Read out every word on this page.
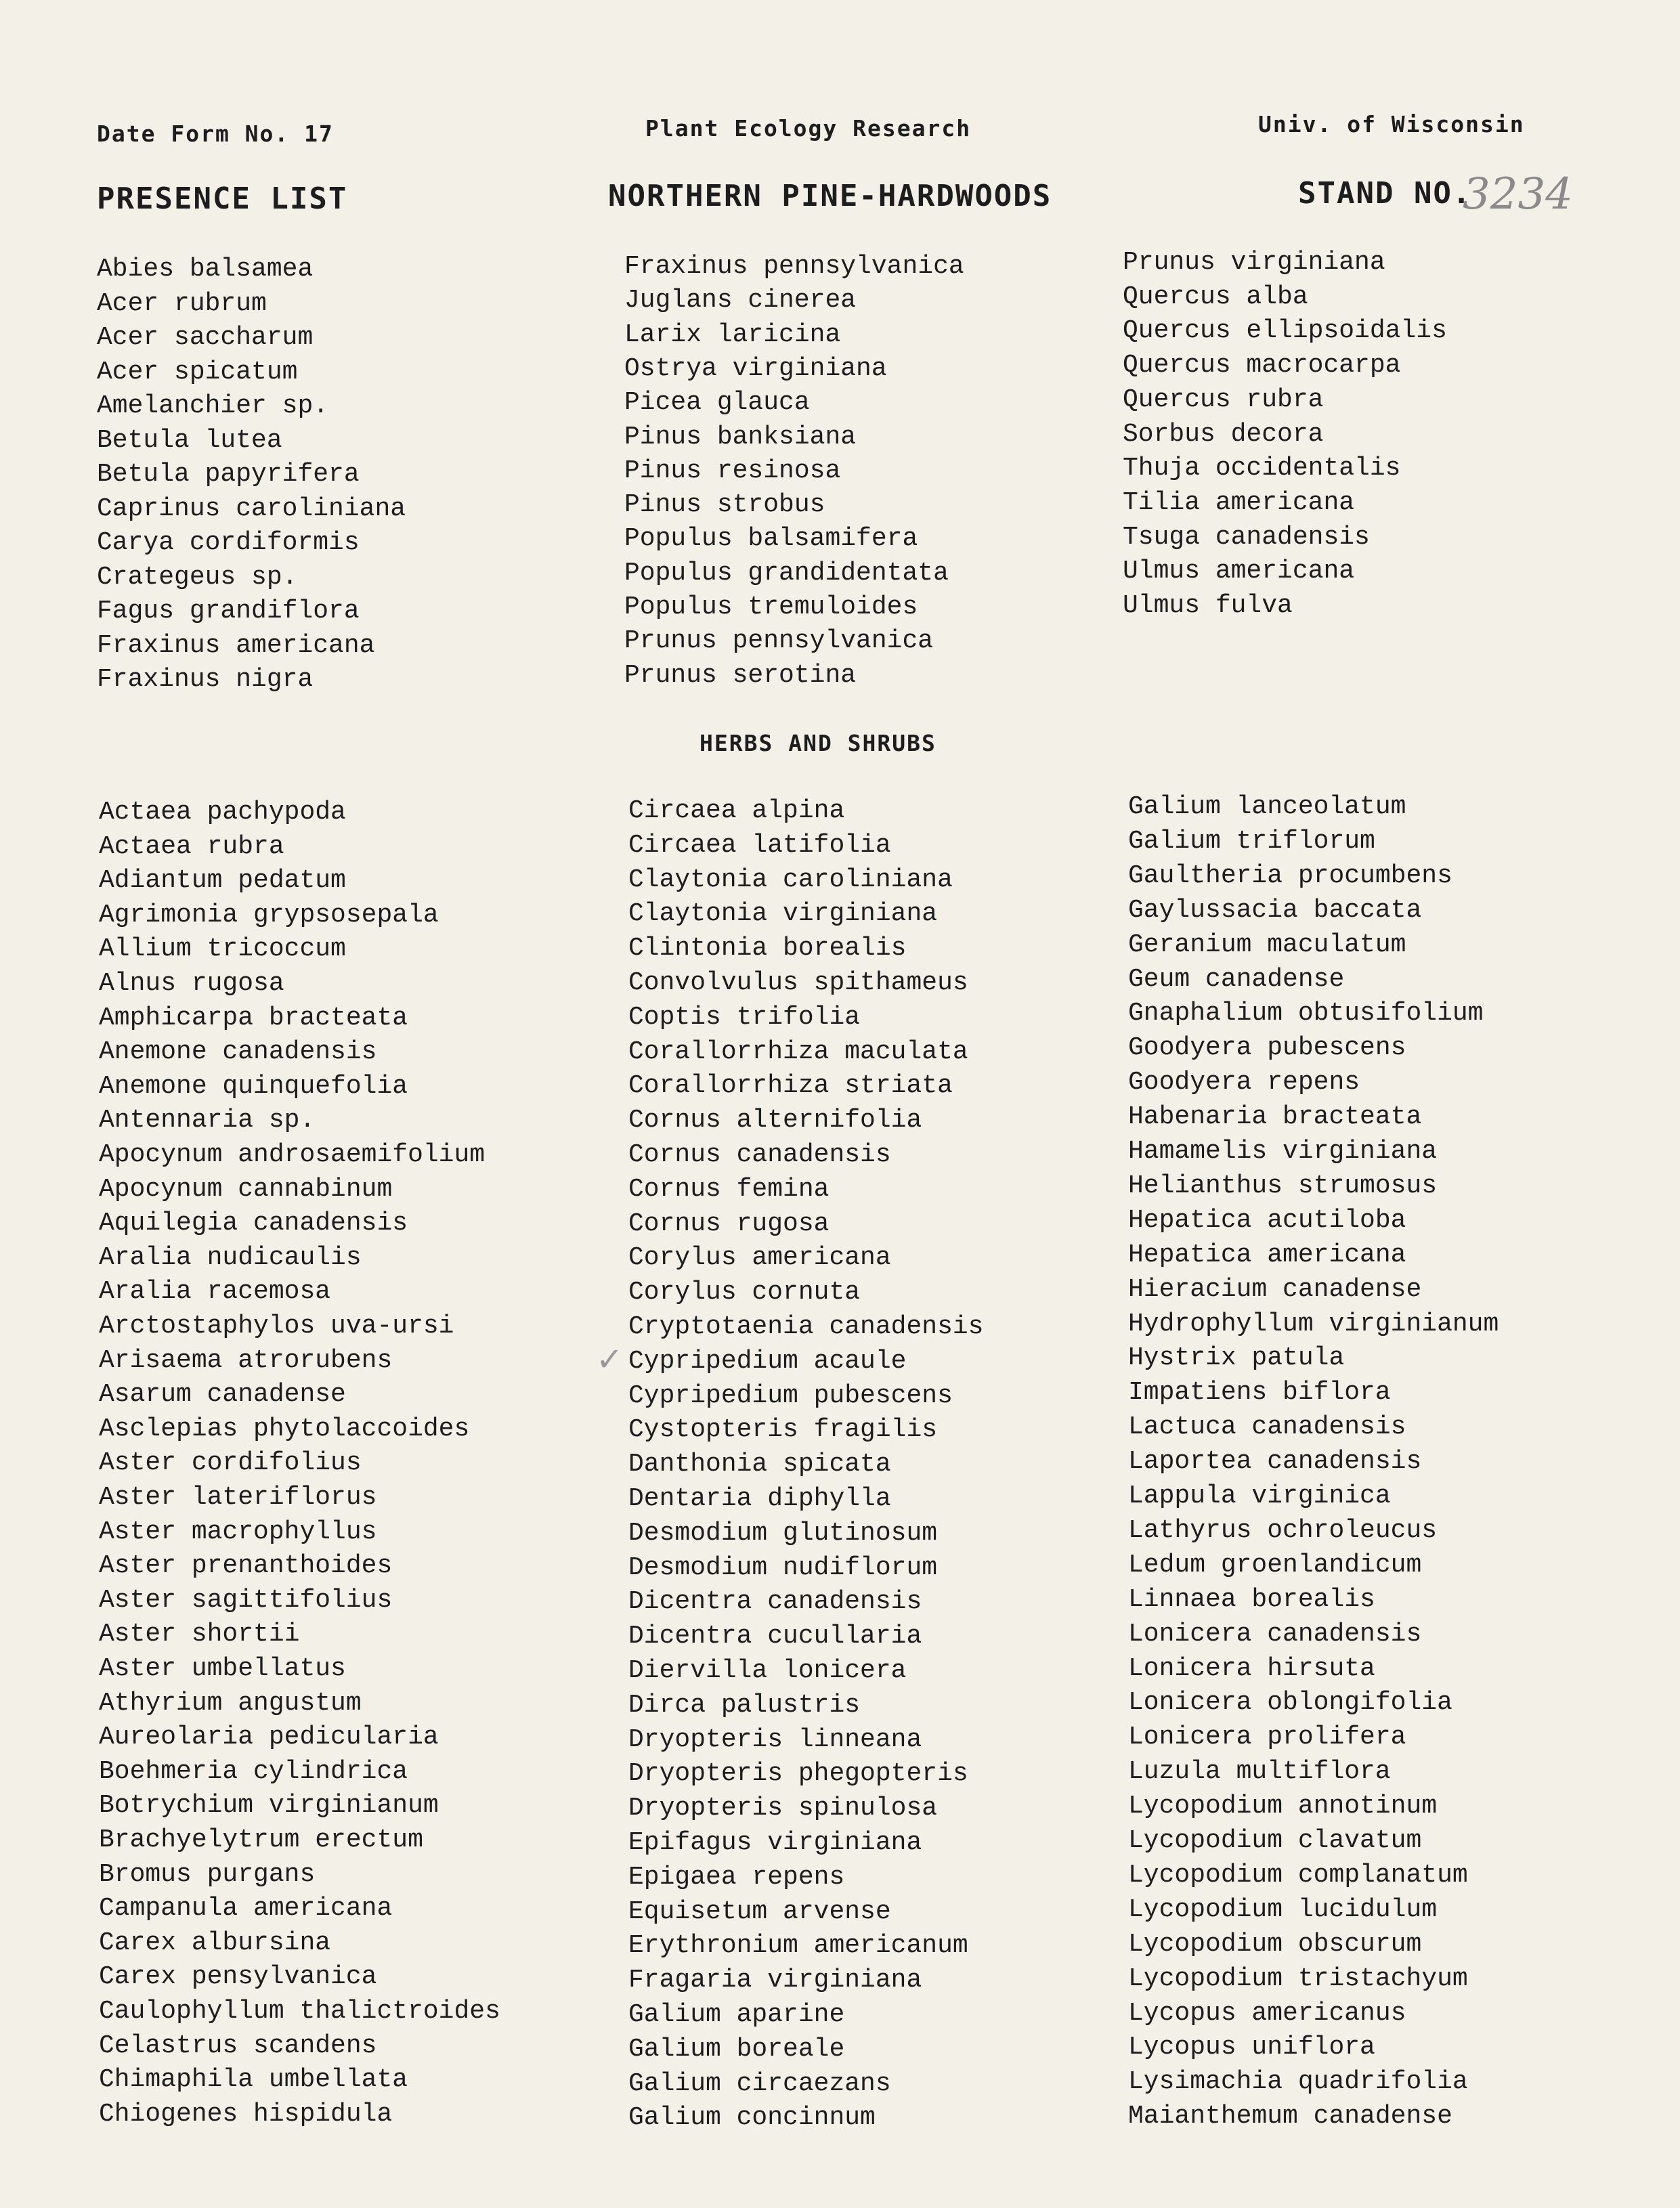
Date Form No. 17	Plant Ecology Research	Univ. of Wisconsin
PRESENCE LIST	NORTHERN PINE-HARDWOODS	STAND NO.
3234
Abies balsamea
Acer rubrum
Acer saccharum
Acer spicatum
Amelanchier sp.
Betula lutea
Betula papyrifera
Caprinus caroliniana
Carya cordiformis
Crategeus sp.
Fagus grandiflora
Fraxinus americana
Fraxinus nigra
Fraxinus pennsylvanica
Juglans cinerea
Larix laricina
Ostrya virginiana
Picea glauca
Pinus banksiana
Pinus resinosa
Pinus strobus
Populus balsamifera
Populus grandidentata
Populus tremuloides
Prunus pennsylvanica
Prunus serotina
Prunus virginiana
Quercus alba
Quercus ellipsoidalis
Quercus macrocarpa
Quercus rubra
Sorbus decora
Thuja occidentalis
Tilia americana
Tsuga canadensis
Ulmus americana
Ulmus fulva
HERBS AND SHRUBS
Actaea pachypoda
Actaea rubra
Adiantum pedatum
Agrimonia grypsosepala
Allium tricoccum
Alnus rugosa
Amphicarpa bracteata
Anemone canadensis
Anemone quinquefolia
Antennaria sp.
Apocynum androsaemifolium
Apocynum cannabinum
Aquilegia canadensis
Aralia nudicaulis
Aralia racemosa
Arctostaphylos uva-ursi
Arisaema atrorubens
Asarum canadense
Asclepias phytolaccoides
Aster cordifolius
Aster lateriflorus
Aster macrophyllus
Aster prenanthoides
Aster sagittifolius
Aster shortii
Aster umbellatus
Athyrium angustum
Aureolaria pedicularia
Boehmeria cylindrica
Botrychium virginianum
Brachyelytrum erectum
Bromus purgans
Campanula americana
Carex albursina
Carex pensylvanica
Caulophyllum thalictroides
Celastrus scandens
Chimaphila umbellata
Chiogenes hispidula
Circaea alpina
Circaea latifolia
Claytonia caroliniana
Claytonia virginiana
Clintonia borealis
Convolvulus spithameus
Coptis trifolia
Corallorrhiza maculata
Corallorrhiza striata
Cornus alternifolia
Cornus canadensis
Cornus femina
Cornus rugosa
Corylus americana
Corylus cornuta
Cryptotaenia canadensis
Cypripedium acaule
Cypripedium pubescens
Cystopteris fragilis
Danthonia spicata
Dentaria diphylla
Desmodium glutinosum
Desmodium nudiflorum
Dicentra canadensis
Dicentra cucullaria
Diervilla lonicera
Dirca palustris
Dryopteris linneana
Dryopteris phegopteris
Dryopteris spinulosa
Epifagus virginiana
Epigaea repens
Equisetum arvense
Erythronium americanum
Fragaria virginiana
Galium aparine
Galium boreale
Galium circaezans
Galium concinnum
Galium lanceolatum
Galium triflorum
Gaultheria procumbens
Gaylussacia baccata
Geranium maculatum
Geum canadense
Gnaphalium obtusifolium
Goodyera pubescens
Goodyera repens
Habenaria bracteata
Hamamelis virginiana
Helianthus strumosus
Hepatica acutiloba
Hepatica americana
Hieracium canadense
Hydrophyllum virginianum
Hystrix patula
Impatiens biflora
Lactuca canadensis
Laportea canadensis
Lappula virginica
Lathyrus ochroleucus
Ledum groenlandicum
Linnaea borealis
Lonicera canadensis
Lonicera hirsuta
Lonicera oblongifolia
Lonicera prolifera
Luzula multiflora
Lycopodium annotinum
Lycopodium clavatum
Lycopodium complanatum
Lycopodium lucidulum
Lycopodium obscurum
Lycopodium tristachyum
Lycopus americanus
Lycopus uniflora
Lysimachia quadrifolia
Maianthemum canadense
✓
